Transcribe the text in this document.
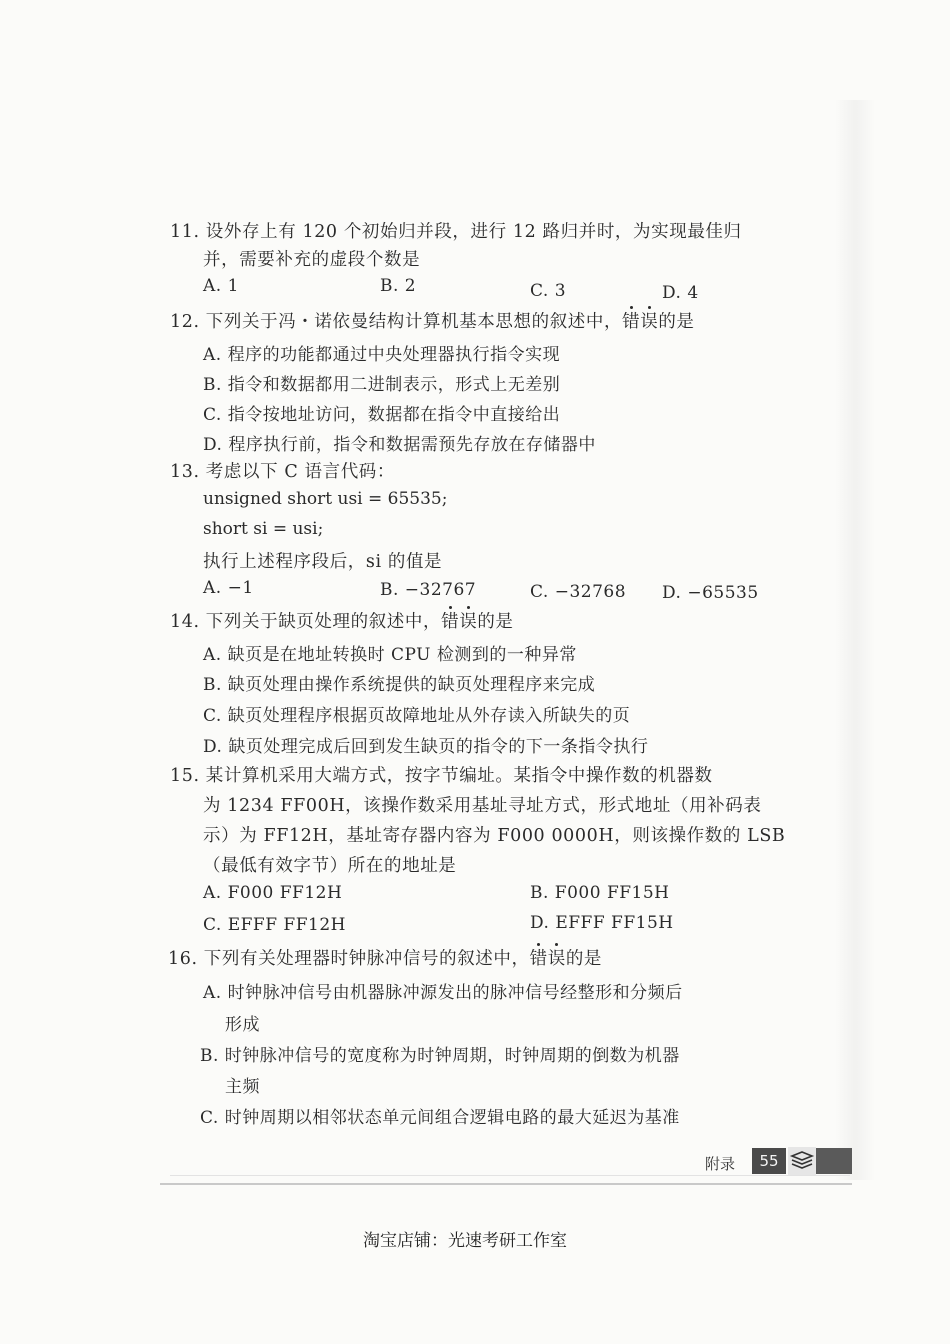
11. 设外存上有 120 个初始归并段，进行 12 路归并时，为实现最佳归
并，需要补充的虚段个数是
A. 1	B. 2	C. 3	D. 4
12. 下列关于冯・诺依曼结构计算机基本思想的叙述中，错误的是
A. 程序的功能都通过中央处理器执行指令实现
B. 指令和数据都用二进制表示，形式上无差别
C. 指令按地址访问，数据都在指令中直接给出
D. 程序执行前，指令和数据需预先存放在存储器中
13. 考虑以下 C 语言代码：
unsigned short usi = 65535;
short si = usi;
执行上述程序段后，si 的值是
A. −1	B. −32767	C. −32768 D. −65535
14. 下列关于缺页处理的叙述中，错误的是
A. 缺页是在地址转换时 CPU 检测到的一种异常
B. 缺页处理由操作系统提供的缺页处理程序来完成
C. 缺页处理程序根据页故障地址从外存读入所缺失的页
D. 缺页处理完成后回到发生缺页的指令的下一条指令执行
15. 某计算机采用大端方式，按字节编址。某指令中操作数的机器数
为 1234 FF00H，该操作数采用基址寻址方式，形式地址（用补码表
示）为 FF12H，基址寄存器内容为 F000 0000H，则该操作数的 LSB
（最低有效字节）所在的地址是
A. F000 FF12H	B. F000 FF15H
C. EFFF FF12H	D. EFFF FF15H
16. 下列有关处理器时钟脉冲信号的叙述中，错误的是
A. 时钟脉冲信号由机器脉冲源发出的脉冲信号经整形和分频后
形成
B. 时钟脉冲信号的宽度称为时钟周期，时钟周期的倒数为机器
主频
C. 时钟周期以相邻状态单元间组合逻辑电路的最大延迟为基准
附录	55
淘宝店铺：光速考研工作室
